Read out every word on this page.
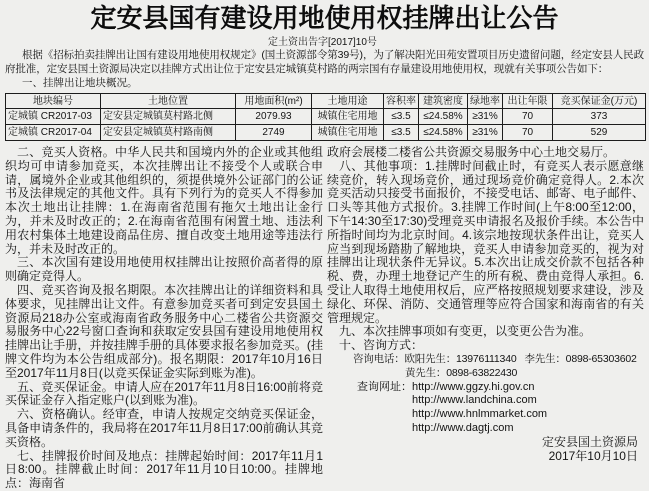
定安县国有建设用地使用权挂牌出让公告
定土资出告字[2017]10号

根据《招标拍卖挂牌出让国有建设用地使用权规定》(国土资源部令第39号)，为了解决阳光田苑安置项目历史遗留问题，经定安县人民政府批准，定安县国土资源局决定以挂牌方式出让位于定安县定城镇莫村路的两宗国有存量建设用地使用权，现就有关事项公告如下：

一、挂牌出让地块概况。
地块编号	土地位置	用地面积(m²)	土地用途	容积率	建筑密度	绿地率	出让年限	竞买保证金(万元)
定城镇 CR2017-03	定安县定城镇莫村路北侧	2079.93	城镇住宅用地	≤3.5	≤24.58%	≥31%	70	373
定城镇 CR2017-04	定安县定城镇莫村路南侧	2749	城镇住宅用地	≤3.5	≤24.58%	≥31%	70	529

二、竞买人资格。中华人民共和国境内外的企业或其他组织均可申请参加竞买，本次挂牌出让不接受个人或联合申请，属境外企业或其他组织的，须提供境外公证部门的公证书及法律规定的其他文件。具有下列行为的竞买人不得参加本次土地出让挂牌：1.在海南省范围有拖欠土地出让金行为，并未及时改正的；2.在海南省范围有闲置土地、违法利用农村集体土地建设商品住房、擅自改变土地用途等违法行为，并未及时改正的。

三、本次国有建设用地使用权挂牌出让按照价高者得的原则确定竞得人。

四、竞买咨询及报名期限。本次挂牌出让的详细资料和具体要求，见挂牌出让文件。有意参加竞买者可到定安县国土资源局218办公室或海南省政务服务中心二楼省公共资源交易服务中心22号窗口查询和获取定安县国有建设用地使用权挂牌出让手册，并按挂牌手册的具体要求报名参加竞买。(挂牌文件均为本公告组成部分)。报名期限：2017年10月16日至2017年11月8日(以竞买保证金实际到账为准)。

五、竞买保证金。申请人应在2017年11月8日16:00前将竞买保证金存入指定账户(以到账为准)。

六、资格确认。经审查，申请人按规定交纳竞买保证金，具备申请条件的，我局将在2017年11月8日17:00前确认其竞买资格。

七、挂牌报价时间及地点：挂牌起始时间：2017年11月1日8:00。挂牌截止时间：2017年11月10日10:00。挂牌地点：海南省

政府会展楼二楼省公共资源交易服务中心土地交易厅。

八、其他事项：1.挂牌时间截止时，有竞买人表示愿意继续竞价，转入现场竞价，通过现场竞价确定竞得人。2.本次竞买活动只接受书面报价，不接受电话、邮寄、电子邮件、口头等其他方式报价。3.挂牌工作时间(上午8:00至12:00，下午14:30至17:30)受理竞买申请报名及报价手续。本公告中所指时间均为北京时间。4.该宗地按现状条件出让，竞买人应当到现场踏勘了解地块，竞买人申请参加竞买的，视为对挂牌出让现状条件无异议。5.本次出让成交价款不包括各种税、费，办理土地登记产生的所有税、费由竞得人承担。6.受让人取得土地使用权后，应严格按照规划要求建设，涉及绿化、环保、消防、交通管理等应符合国家和海南省的有关管理规定。

九、本次挂牌事项如有变更，以变更公告为准。

十、咨询方式：

咨询电话：欧阳先生：13976111340 李先生：0898-65303602
黄先生：0898-63822430
查询网址：http://www.ggzy.hi.gov.cn
http://www.landchina.com
http://www.hnlmmarket.com
http://www.dagtj.com
定安县国土资源局
2017年10月10日
